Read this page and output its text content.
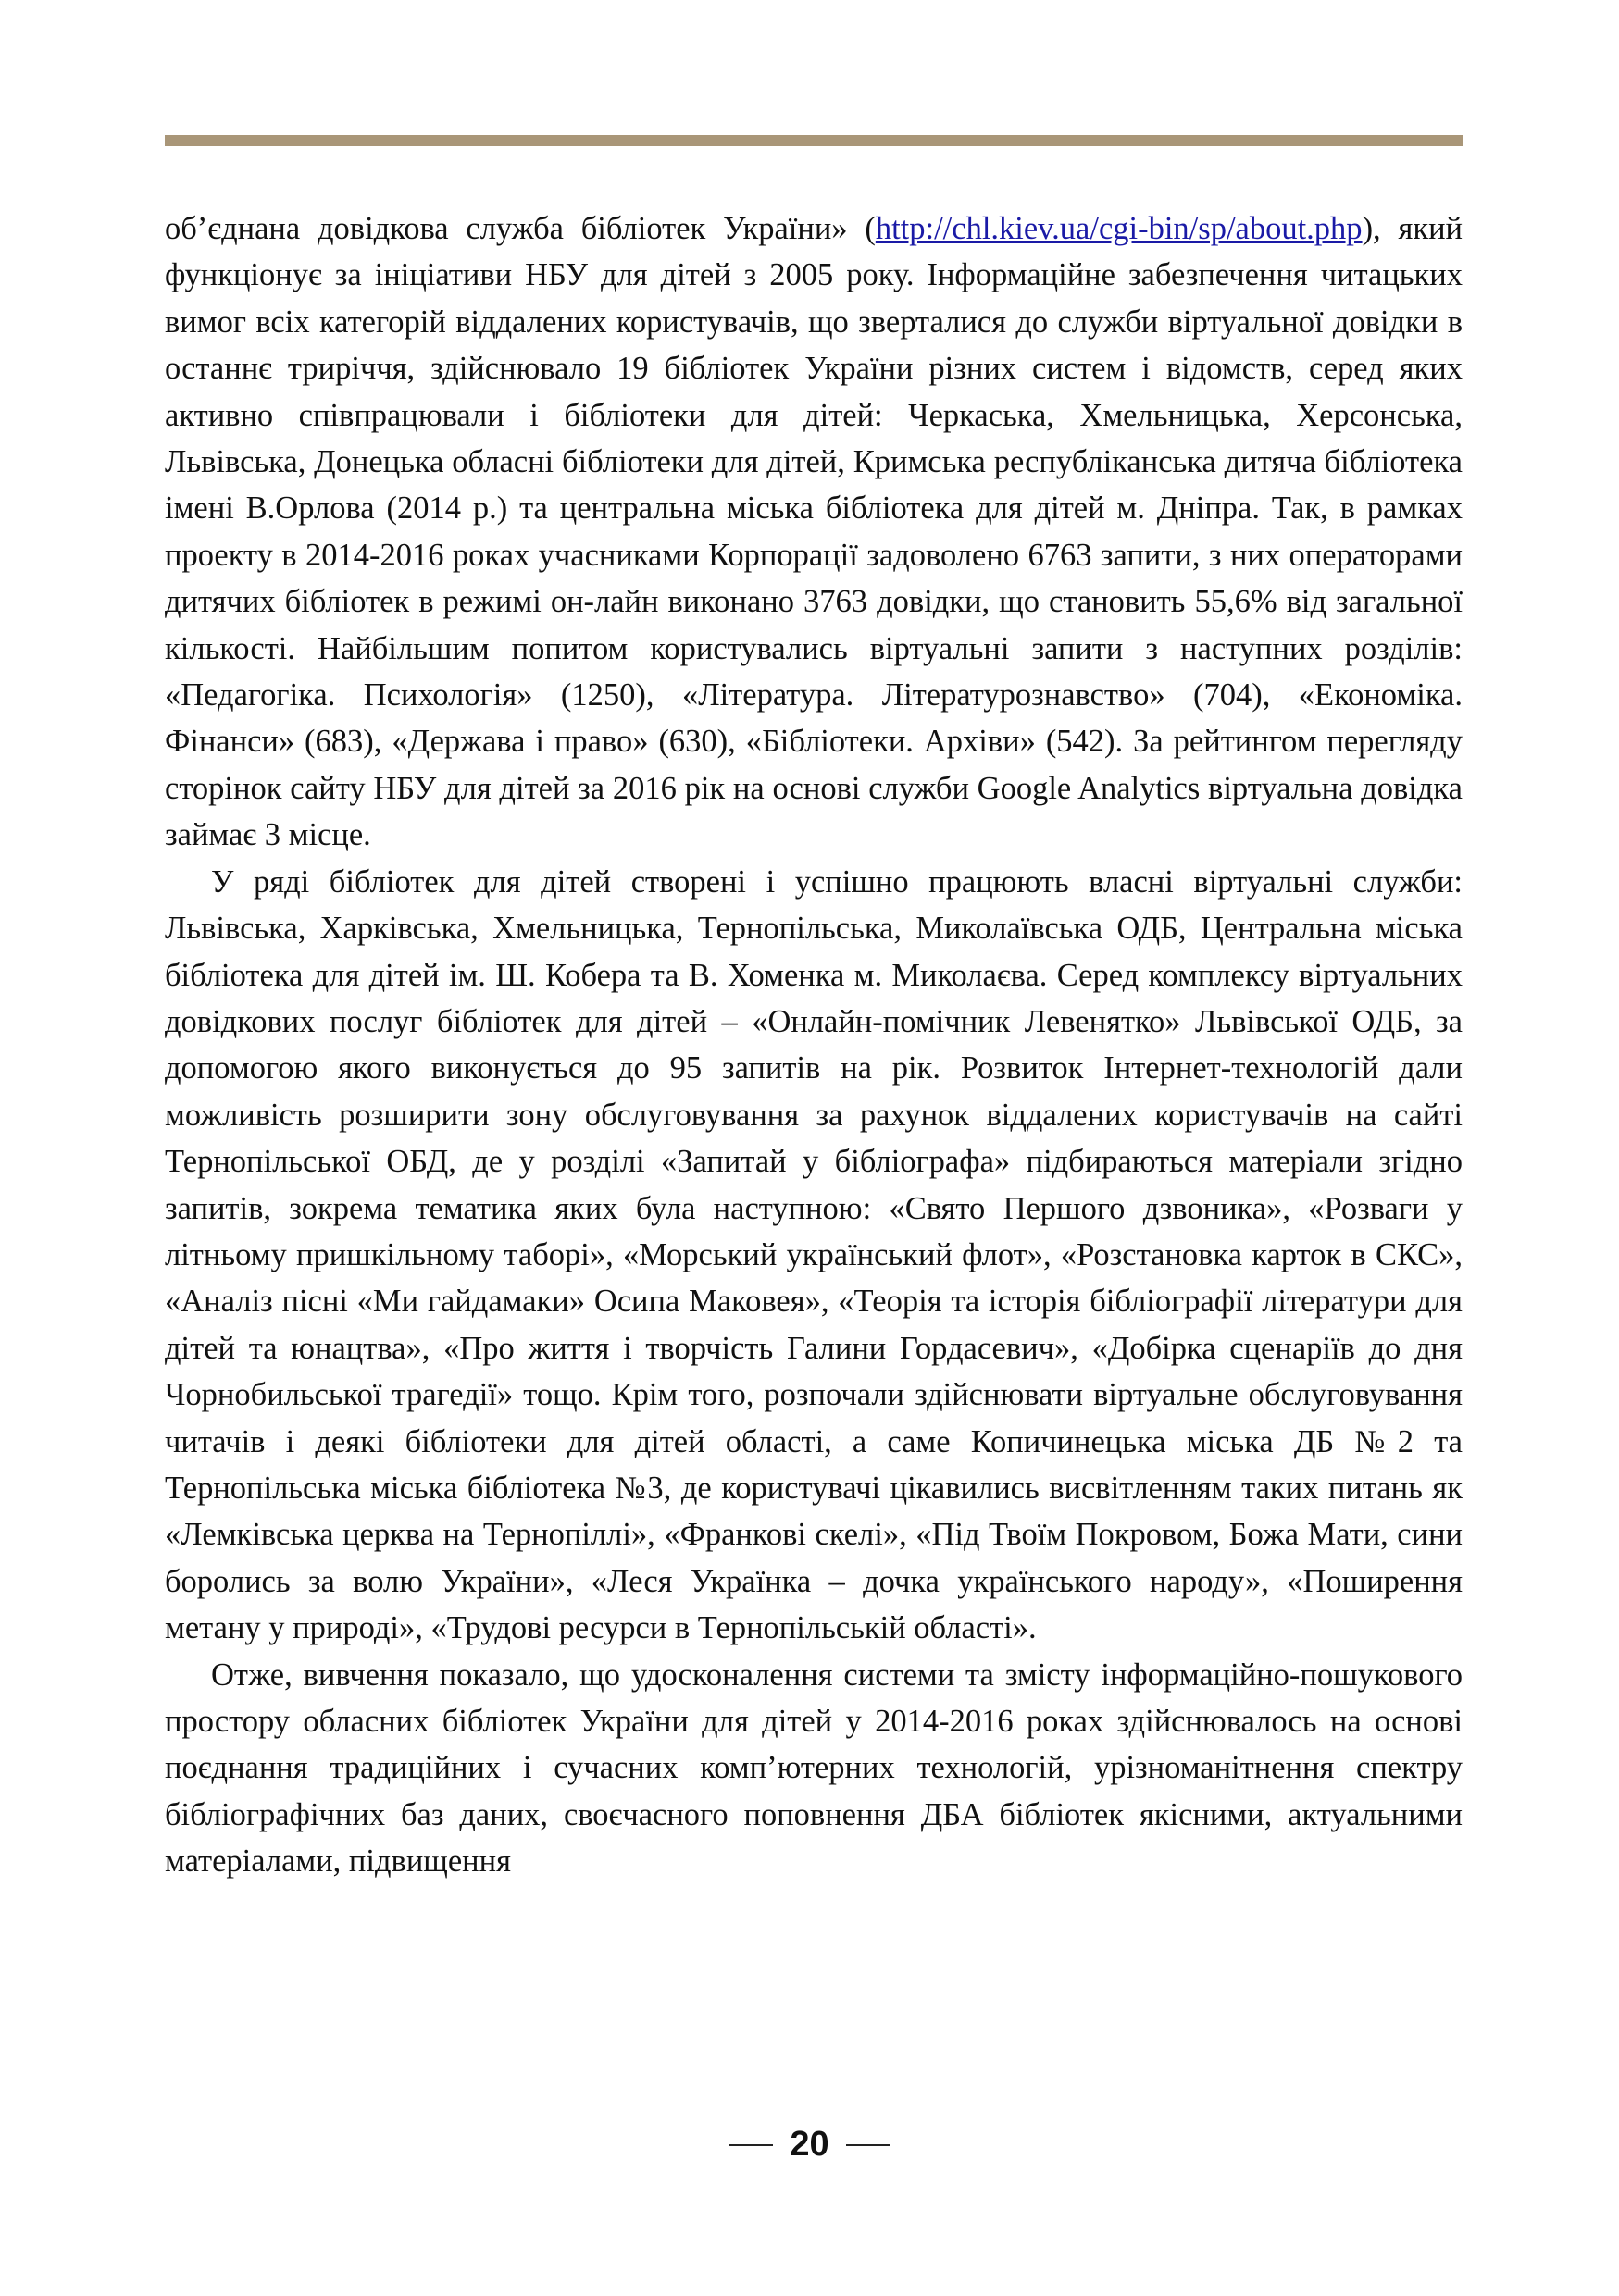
об’єднана довідкова служба бібліотек України» (http://chl.kiev.ua/cgi-bin/sp/about.php), який функціонує за ініціативи НБУ для дітей з 2005 року. Інформаційне забезпечення читацьких вимог всіх категорій віддалених користувачів, що зверталися до служби віртуальної довідки в останнє триріччя, здійснювало 19 бібліотек України різних систем і відомств, серед яких активно співпрацювали і бібліотеки для дітей: Черкаська, Хмельницька, Херсонська, Львівська, Донецька обласні бібліотеки для дітей, Кримська республіканська дитяча бібліотека імені В.Орлова (2014 р.) та центральна міська бібліотека для дітей м. Дніпра. Так, в рамках проекту в 2014-2016 роках учасниками Корпорації задоволено 6763 запити, з них операторами дитячих бібліотек в режимі он-лайн виконано 3763 довідки, що становить 55,6% від загальної кількості. Найбільшим попитом користувались віртуальні запити з наступних розділів: «Педагогіка. Психологія» (1250), «Література. Літературознавство» (704), «Економіка. Фінанси» (683), «Держава і право» (630), «Бібліотеки. Архіви» (542). За рейтингом перегляду сторінок сайту НБУ для дітей за 2016 рік на основі служби Google Analytics віртуальна довідка займає 3 місце.

У ряді бібліотек для дітей створені і успішно працюють власні віртуальні служби: Львівська, Харківська, Хмельницька, Тернопільська, Миколаївська ОДБ, Центральна міська бібліотека для дітей ім. Ш. Кобера та В. Хоменка м. Миколаєва. Серед комплексу віртуальних довідкових послуг бібліотек для дітей – «Онлайн-помічник Левенятко» Львівської ОДБ, за допомогою якого виконується до 95 запитів на рік. Розвиток Інтернет-технологій дали можливість розширити зону обслуговування за рахунок віддалених користувачів на сайті Тернопільської ОБД, де у розділі «Запитай у бібліографа» підбираються матеріали згідно запитів, зокрема тематика яких була наступною: «Свято Першого дзвоника», «Розваги у літньому пришкільному таборі», «Морський український флот», «Розстановка карток в СКС», «Аналіз пісні «Ми гайдамаки» Осипа Маковея», «Теорія та історія бібліографії літератури для дітей та юнацтва», «Про життя і творчість Галини Гордасевич», «Добірка сценаріїв до дня Чорнобильської трагедії» тощо. Крім того, розпочали здійснювати віртуальне обслуговування читачів і деякі бібліотеки для дітей області, а саме Копичинецька міська ДБ №2 та Тернопільська міська бібліотека №3, де користувачі цікавились висвітленням таких питань як «Лемківська церква на Тернопіллі», «Франкові скелі», «Під Твоїм Покровом, Божа Мати, сини боролись за волю України», «Леся Українка – дочка українського народу», «Поширення метану у природі», «Трудові ресурси в Тернопільській області».

Отже, вивчення показало, що удосконалення системи та змісту інформаційно-пошукового простору обласних бібліотек України для дітей у 2014-2016 роках здійснювалось на основі поєднання традиційних і сучасних комп’ютерних технологій, урізноманітнення спектру бібліографічних баз даних, своєчасного поповнення ДБА бібліотек якісними, актуальними матеріалами, підвищення

20
